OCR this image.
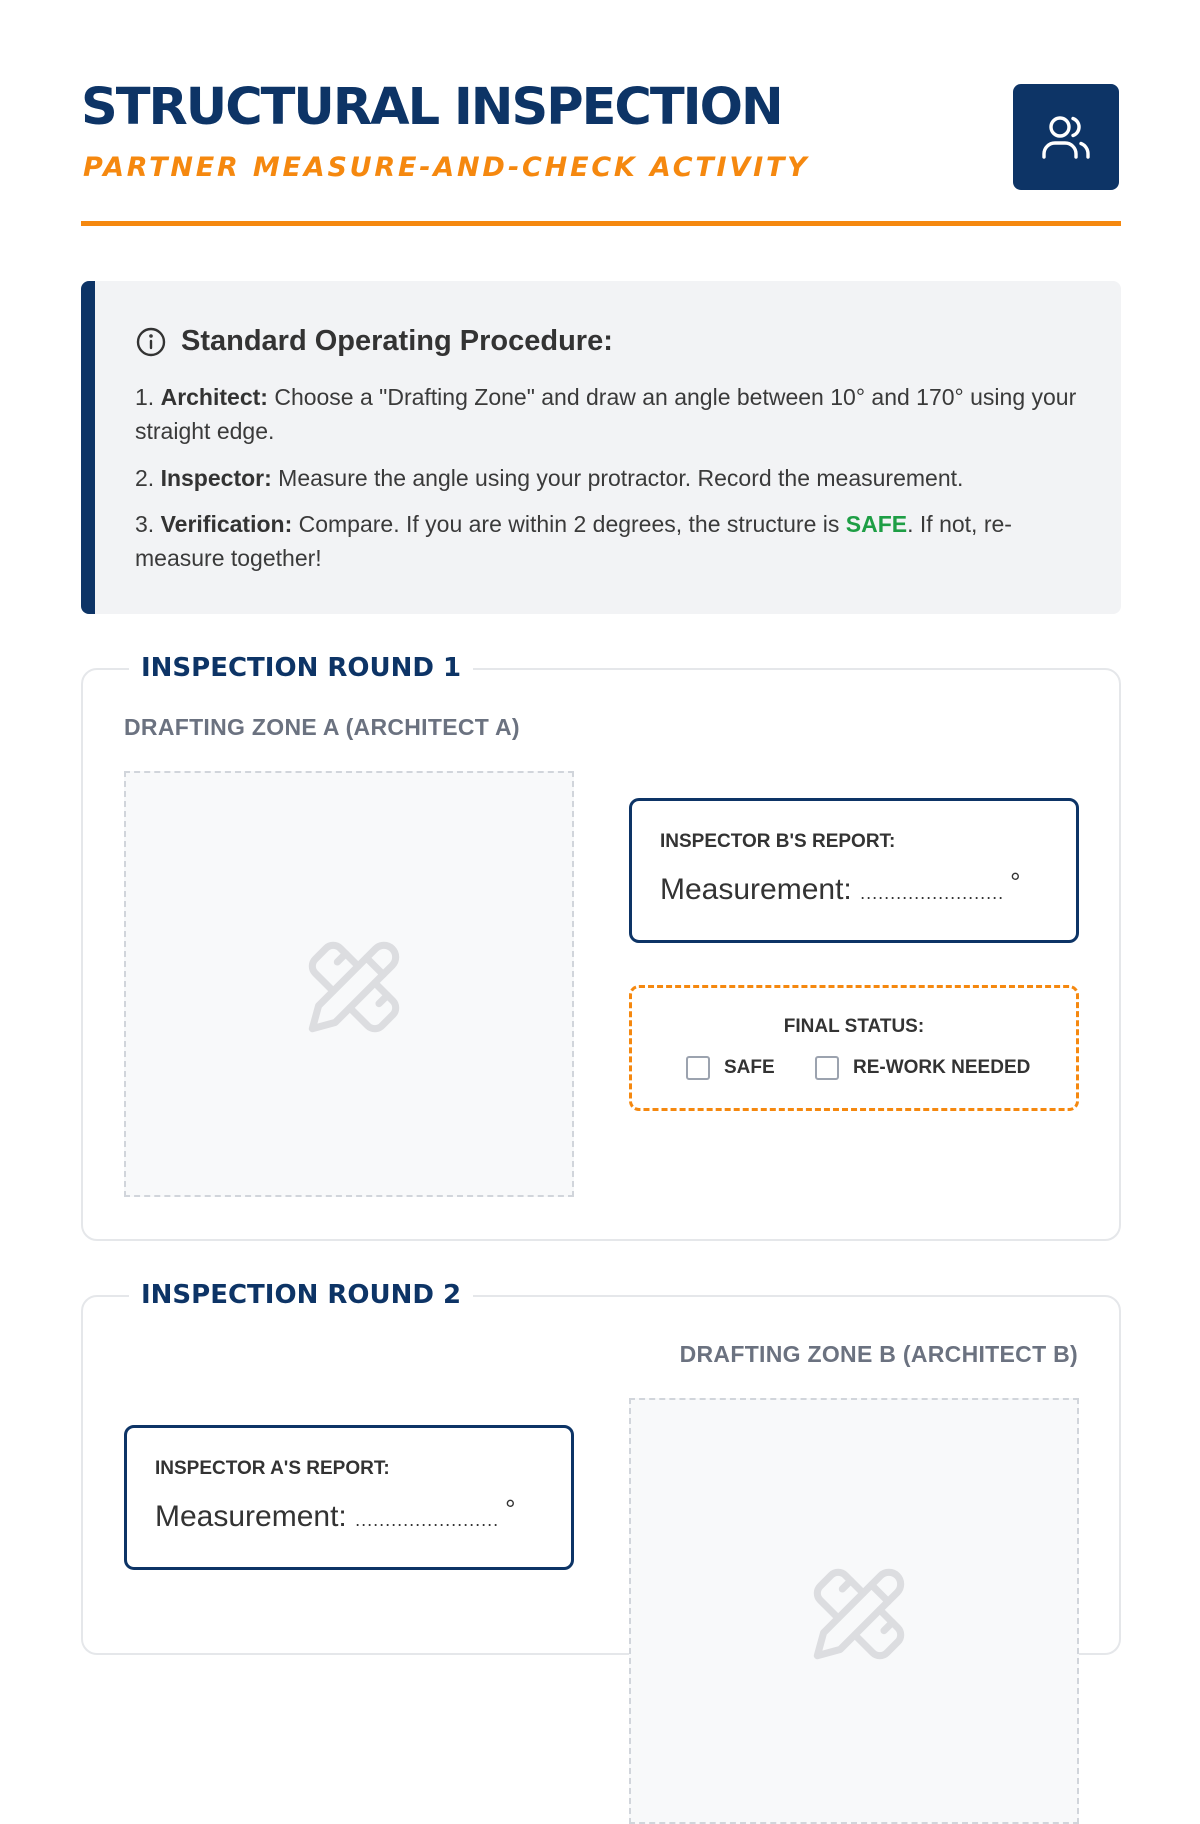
STRUCTURAL INSPECTION
PARTNER MEASURE-AND-CHECK ACTIVITY
Standard Operating Procedure:
1. Architect: Choose a "Drafting Zone" and draw an angle between 10° and 170° using your straight edge.
2. Inspector: Measure the angle using your protractor. Record the measurement.
3. Verification: Compare. If you are within 2 degrees, the structure is SAFE. If not, re-measure together!
INSPECTION ROUND 1
DRAFTING ZONE A (ARCHITECT A)
INSPECTOR B'S REPORT:
Measurement: ........................ °
FINAL STATUS:
SAFE	RE-WORK NEEDED
INSPECTION ROUND 2
DRAFTING ZONE B (ARCHITECT B)
INSPECTOR A'S REPORT:
Measurement: ........................ °
